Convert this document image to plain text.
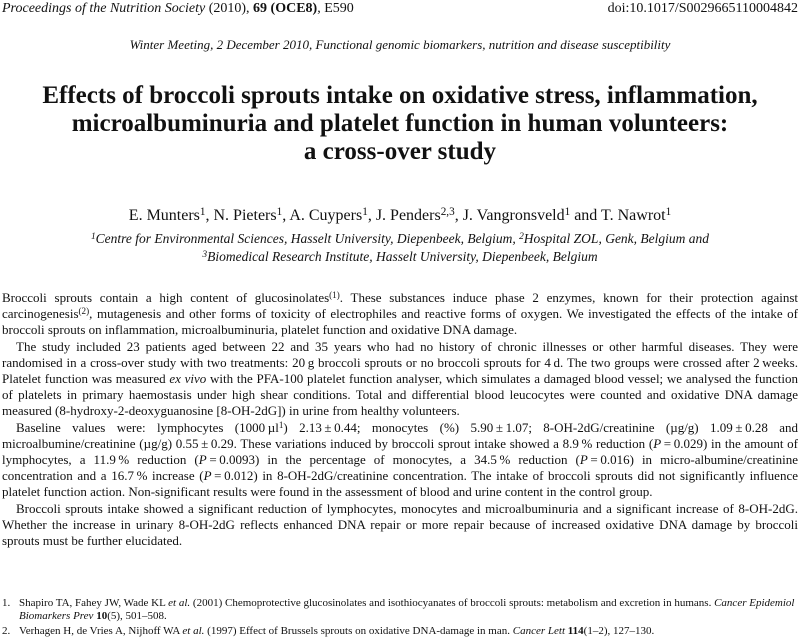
Proceedings of the Nutrition Society (2010), 69 (OCE8), E590	doi:10.1017/S0029665110004842
Winter Meeting, 2 December 2010, Functional genomic biomarkers, nutrition and disease susceptibility
Effects of broccoli sprouts intake on oxidative stress, inflammation,
microalbuminuria and platelet function in human volunteers:
a cross-over study
E. Munters$^1$, N. Pieters$^1$, A. Cuypers$^1$, J. Penders$^{2,3}$, J. Vangronsveld$^1$ and T. Nawrot$^1$
$^1$Centre for Environmental Sciences, Hasselt University, Diepenbeek, Belgium, $^2$Hospital ZOL, Genk, Belgium and
$^3$Biomedical Research Institute, Hasselt University, Diepenbeek, Belgium

Broccoli sprouts contain a high content of glucosinolates$^{(1)}$. These substances induce phase 2 enzymes, known for their protection against carcinogenesis$^{(2)}$, mutagenesis and other forms of toxicity of electrophiles and reactive forms of oxygen. We investigated the effects of the intake of broccoli sprouts on inflammation, microalbuminuria, platelet function and oxidative DNA damage.

The study included 23 patients aged between 22 and 35 years who had no history of chronic illnesses or other harmful diseases. They were randomised in a cross-over study with two treatments: 20 g broccoli sprouts or no broccoli sprouts for 4 d. The two groups were crossed after 2 weeks. Platelet function was measured ex vivo with the PFA-100 platelet function analyser, which simulates a damaged blood vessel; we analysed the function of platelets in primary haemostasis under high shear conditions. Total and differential blood leucocytes were counted and oxidative DNA damage measured (8-hydroxy-2-deoxyguanosine [8-OH-2dG]) in urine from healthy volunteers.

Baseline values were: lymphocytes (1000 µl$^1$) 2.13 ± 0.44; monocytes (%) 5.90 ± 1.07; 8-OH-2dG/creatinine (µg/g) 1.09 ± 0.28 and microalbumine/creatinine (µg/g) 0.55 ± 0.29. These variations induced by broccoli sprout intake showed a 8.9 % reduction (P = 0.029) in the amount of lymphocytes, a 11.9 % reduction (P = 0.0093) in the percentage of monocytes, a 34.5 % reduction (P = 0.016) in micro-albumine/creatinine concentration and a 16.7 % increase (P = 0.012) in 8-OH-2dG/creatinine concentration. The intake of broccoli sprouts did not significantly influence platelet function action. Non-significant results were found in the assessment of blood and urine content in the control group.

Broccoli sprouts intake showed a significant reduction of lymphocytes, monocytes and microalbuminuria and a significant increase of 8-OH-2dG. Whether the increase in urinary 8-OH-2dG reflects enhanced DNA repair or more repair because of increased oxidative DNA damage by broccoli sprouts must be further elucidated.

1. Shapiro TA, Fahey JW, Wade KL et al. (2001) Chemoprotective glucosinolates and isothiocyanates of broccoli sprouts: metabolism and excretion in humans. Cancer Epidemiol Biomarkers Prev 10(5), 501–508.
2. Verhagen H, de Vries A, Nijhoff WA et al. (1997) Effect of Brussels sprouts on oxidative DNA-damage in man. Cancer Lett 114(1–2), 127–130.
